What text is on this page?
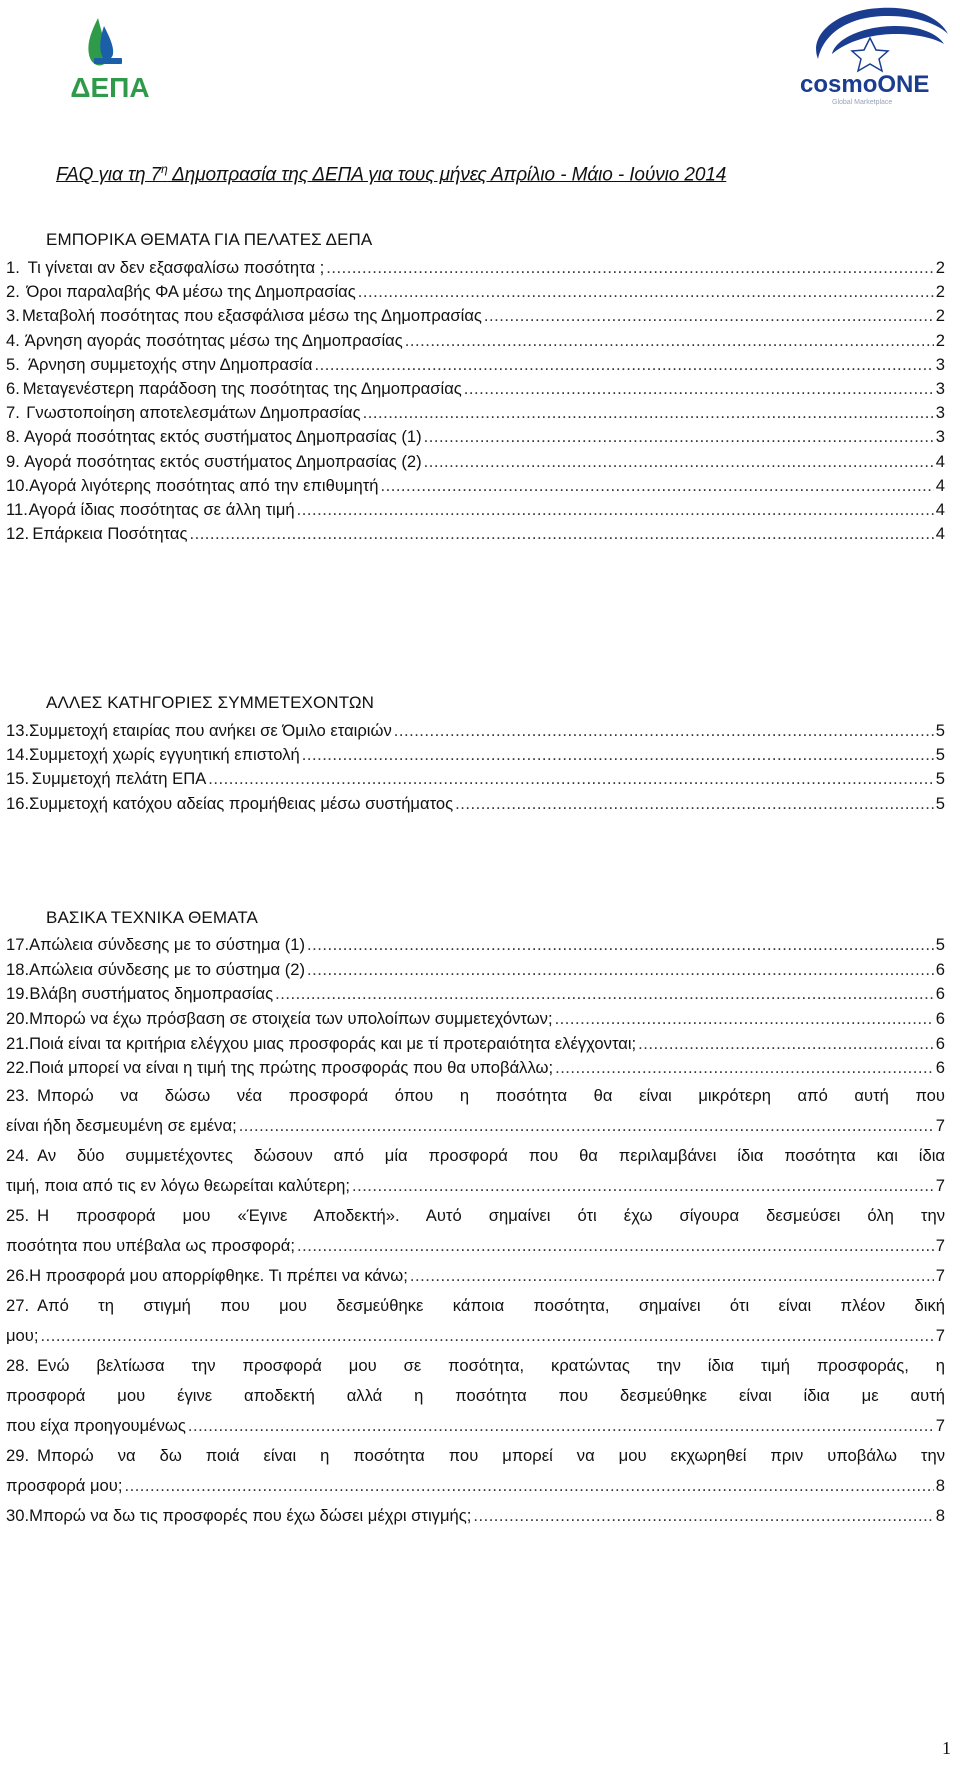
ΔΕΠΑ	cosmoONE
Global Marketplace
FAQ για τη $7^\eta$ Δημοπρασία της ΔΕΠΑ για τους μήνες Απρίλιο - Μάιο - Ιούνιο 2014
ΕΜΠΟΡΙΚΑ ΘΕΜΑΤΑ ΓΙΑ ΠΕΛΑΤΕΣ ΔΕΠΑ
1. Τι γίνεται αν δεν εξασφαλίσω ποσότητα ; .....	2
2. Όροι παραλαβής ΦΑ μέσω της Δημοπρασίας .....	2
3. Μεταβολή ποσότητας που εξασφάλισα μέσω της Δημοπρασίας .....	2
4. Άρνηση αγοράς ποσότητας μέσω της Δημοπρασίας .....	2
5. Άρνηση συμμετοχής στην Δημοπρασία .....	3
6. Μεταγενέστερη παράδοση της ποσότητας της Δημοπρασίας .....	3
7. Γνωστοποίηση αποτελεσμάτων Δημοπρασίας .....	3
8. Αγορά ποσότητας εκτός συστήματος Δημοπρασίας (1) .....	3
9. Αγορά ποσότητας εκτός συστήματος Δημοπρασίας (2) .....	4
10. Αγορά λιγότερης ποσότητας από την επιθυμητή .....	4
11. Αγορά ίδιας ποσότητας σε άλλη τιμή .....	4
12. Επάρκεια Ποσότητας .....	4
ΑΛΛΕΣ ΚΑΤΗΓΟΡΙΕΣ ΣΥΜΜΕΤΕΧΟΝΤΩΝ
13. Συμμετοχή εταιρίας που ανήκει σε Όμιλο εταιριών .....	5
14. Συμμετοχή χωρίς εγγυητική επιστολή .....	5
15. Συμμετοχή πελάτη ΕΠΑ .....	5
16. Συμμετοχή κατόχου αδείας προμήθειας μέσω συστήματος .....	5
ΒΑΣΙΚΑ ΤΕΧΝΙΚΑ ΘΕΜΑΤΑ
17. Απώλεια σύνδεσης με το σύστημα (1) .....	5
18. Απώλεια σύνδεσης με το σύστημα (2) .....	6
19. Βλάβη συστήματος δημοπρασίας .....	6
20. Μπορώ να έχω πρόσβαση σε στοιχεία των υπολοίπων συμμετεχόντων; .....	6
21. Ποιά είναι τα κριτήρια ελέγχου μιας προσφοράς και με τί προτεραιότητα ελέγχονται; .....	6
22. Ποιά μπορεί να είναι η τιμή της πρώτης προσφοράς που θα υποβάλλω; .....	6
23. Μπορώ να δώσω νέα προσφορά όπου η ποσότητα θα είναι μικρότερη από αυτή που
είναι ήδη δεσμευμένη σε εμένα; .....	7
24. Αν δύο συμμετέχοντες δώσουν από μία προσφορά που θα περιλαμβάνει ίδια ποσότητα και ίδια
τιμή, ποια από τις εν λόγω θεωρείται καλύτερη; .....	7
25. Η προσφορά μου «Έγινε Αποδεκτή». Αυτό σημαίνει ότι έχω σίγουρα δεσμεύσει όλη την
ποσότητα που υπέβαλα ως προσφορά; .....	7
26. Η προσφορά μου απορρίφθηκε. Τι πρέπει να κάνω; .....	7
27. Από τη στιγμή που μου δεσμεύθηκε κάποια ποσότητα, σημαίνει ότι είναι πλέον δική
μου; .....	7
28. Ενώ βελτίωσα την προσφορά μου σε ποσότητα, κρατώντας την ίδια τιμή προσφοράς, η
προσφορά μου έγινε αποδεκτή αλλά η ποσότητα που δεσμεύθηκε είναι ίδια με αυτή
που είχα προηγουμένως .....	7
29. Μπορώ να δω ποιά είναι η ποσότητα που μπορεί να μου εκχωρηθεί πριν υποβάλω την
προσφορά μου; .....	8
30. Μπορώ να δω τις προσφορές που έχω δώσει μέχρι στιγμής; .....	8
1
